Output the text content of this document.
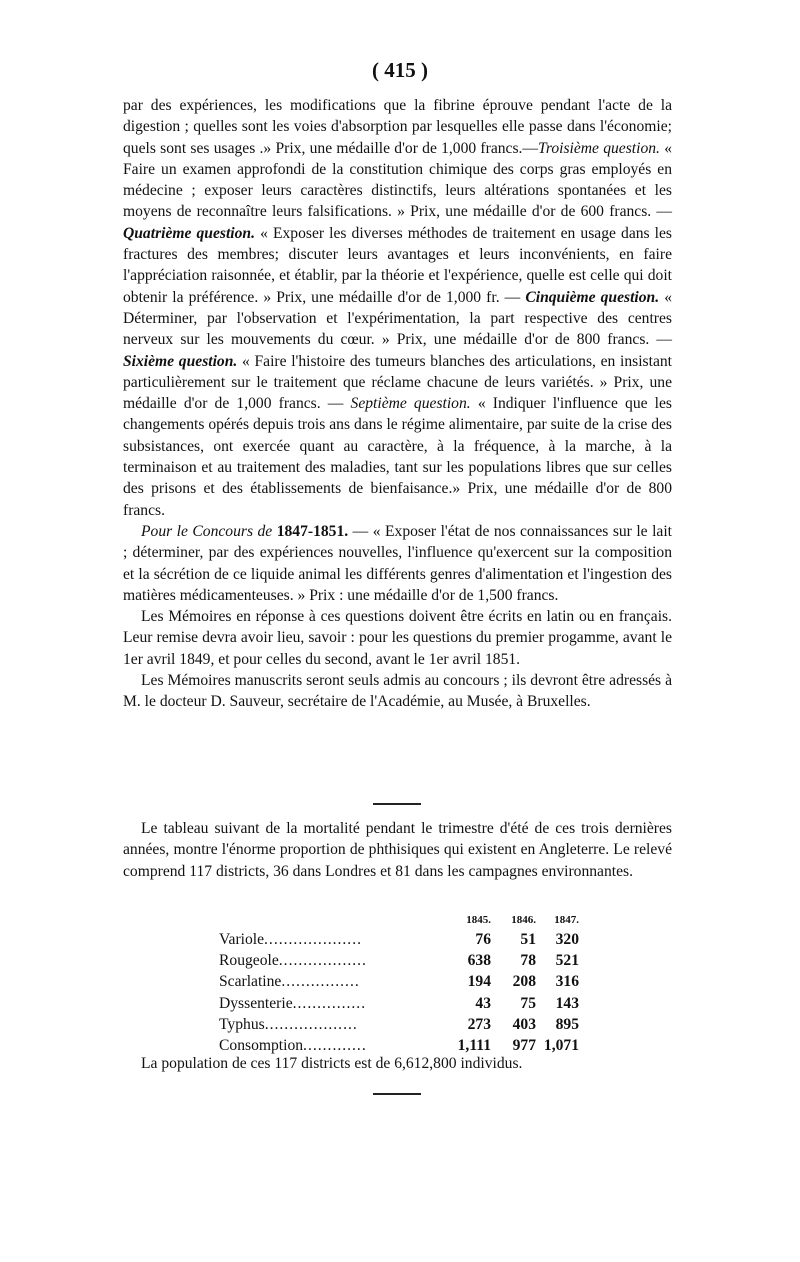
( 415 )

par des expériences, les modifications que la fibrine éprouve pendant l'acte de la digestion ; quelles sont les voies d'absorption par lesquelles elle passe dans l'économie; quels sont ses usages .» Prix, une médaille d'or de 1,000 francs.—Troisième question. « Faire un examen approfondi de la constitution chimique des corps gras employés en médecine ; exposer leurs caractères distinctifs, leurs altérations spontanées et les moyens de reconnaître leurs falsifications. » Prix, une médaille d'or de 600 francs. — Quatrième question. « Exposer les diverses méthodes de traitement en usage dans les fractures des membres; discuter leurs avantages et leurs inconvénients, en faire l'appréciation raisonnée, et établir, par la théorie et l'expérience, quelle est celle qui doit obtenir la préférence. » Prix, une médaille d'or de 1,000 fr. — Cinquième question. « Déterminer, par l'observation et l'expérimentation, la part respective des centres nerveux sur les mouvements du cœur. » Prix, une médaille d'or de 800 francs. — Sixième question. « Faire l'histoire des tumeurs blanches des articulations, en insistant particulièrement sur le traitement que réclame chacune de leurs variétés. » Prix, une médaille d'or de 1,000 francs. — Septième question. « Indiquer l'influence que les changements opérés depuis trois ans dans le régime alimentaire, par suite de la crise des subsistances, ont exercée quant au caractère, à la fréquence, à la marche, à la terminaison et au traitement des maladies, tant sur les populations libres que sur celles des prisons et des établissements de bienfaisance.» Prix, une médaille d'or de 800 francs.

Pour le Concours de 1847-1851. — « Exposer l'état de nos connaissances sur le lait ; déterminer, par des expériences nouvelles, l'influence qu'exercent sur la composition et la sécrétion de ce liquide animal les différents genres d'alimentation et l'ingestion des matières médicamenteuses. » Prix : une médaille d'or de 1,500 francs.

Les Mémoires en réponse à ces questions doivent être écrits en latin ou en français. Leur remise devra avoir lieu, savoir : pour les questions du premier progamme, avant le 1er avril 1849, et pour celles du second, avant le 1er avril 1851.

Les Mémoires manuscrits seront seuls admis au concours ; ils devront être adressés à M. le docteur D. Sauveur, secrétaire de l'Académie, au Musée, à Bruxelles.

Le tableau suivant de la mortalité pendant le trimestre d'été de ces trois dernières années, montre l'énorme proportion de phthisiques qui existent en Angleterre. Le relevé comprend 117 districts, 36 dans Londres et 81 dans les campagnes environnantes.

	1845.	1846.	1847.
Variole....................	76	51	320
Rougeole..................	638	78	521
Scarlatine................	194	208	316
Dyssenterie...............	43	75	143
Typhus...................	273	403	895
Consomption.............	1,111	977	1,071
La population de ces 117 districts est de 6,612,800 individus.
